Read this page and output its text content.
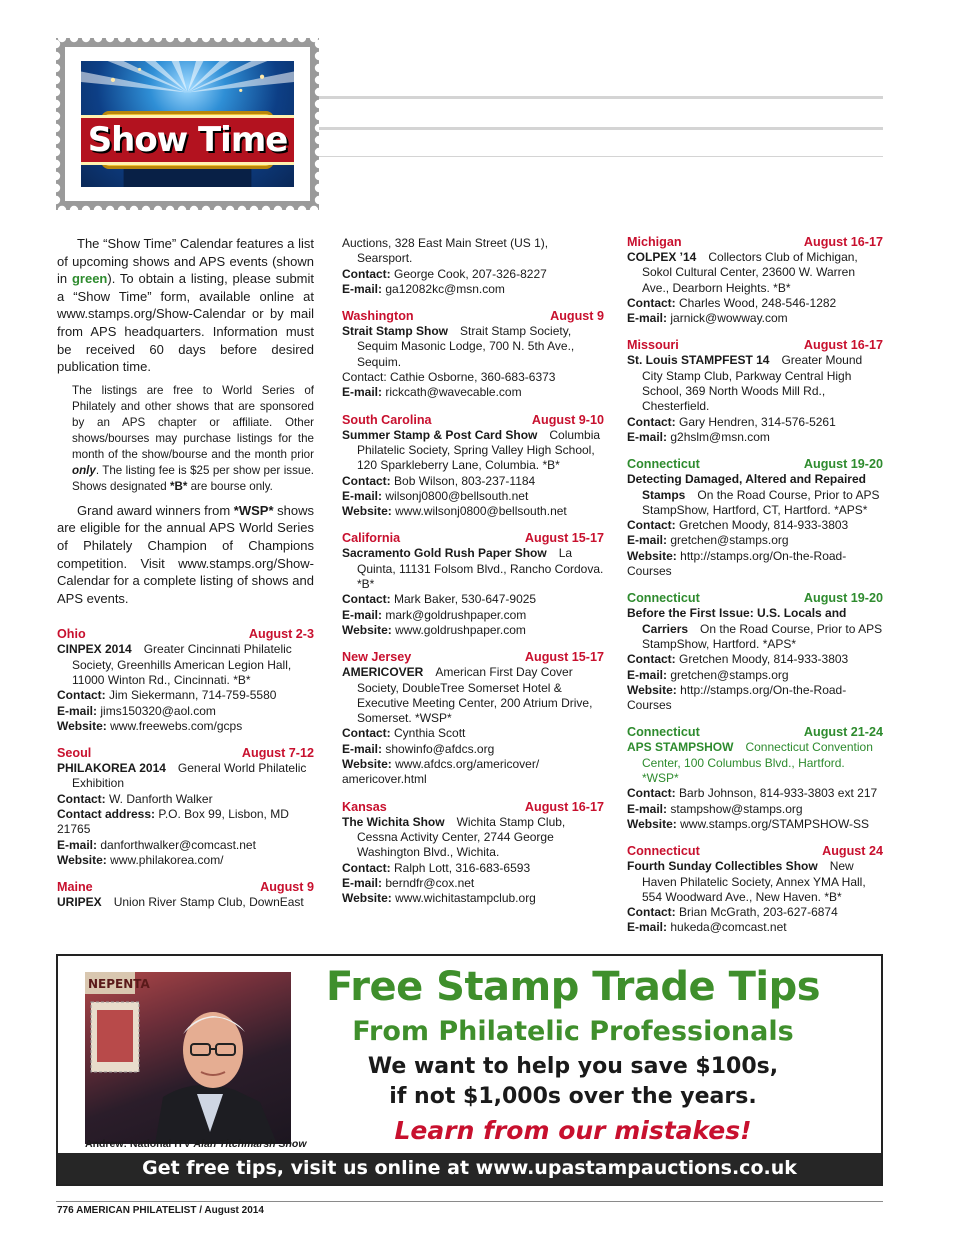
Show Time

The “Show Time” Calendar features a list of upcoming shows and APS events (shown in green). To obtain a listing, please submit a “Show Time” form, available online at www.stamps.org/Show-Calendar or by mail from APS headquarters. Information must be received 60 days before desired publication time.

The listings are free to World Series of Philately and other shows that are sponsored by an APS chapter or affiliate. Other shows/bourses may purchase listings for the month of the show/bourse and the month prior only. The listing fee is $25 per show per issue. Shows designated *B* are bourse only.

Grand award winners from *WSP* shows are eligible for the annual APS World Series of Philately Champion of Champions competition. Visit www.stamps.org/Show-Calendar for a complete listing of shows and APS events.

Ohio	August 2-3
CINPEX 2014   Greater Cincinnati Philatelic Society, Greenhills American Legion Hall, 11000 Winton Rd., Cincinnati. *B*
Contact: Jim Siekermann, 714-759-5580
E-mail: jims150320@aol.com
Website: www.freewebs.com/gcps
Seoul	August 7-12
PHILAKOREA 2014   General World Philatelic Exhibition
Contact: W. Danforth Walker
Contact address: P.O. Box 99, Lisbon, MD 21765
E-mail: danforthwalker@comcast.net
Website: www.philakorea.com/
Maine	August 9
URIPEX   Union River Stamp Club, DownEast
Auctions, 328 East Main Street (US 1), Searsport.
Contact: George Cook, 207-326-8227
E-mail: ga12082kc@msn.com
Washington	August 9
Strait Stamp Show   Strait Stamp Society, Sequim Masonic Lodge, 700 N. 5th Ave., Sequim.
Contact: Cathie Osborne, 360-683-6373
E-mail: rickcath@wavecable.com
South Carolina	August 9-10
Summer Stamp & Post Card Show   Columbia Philatelic Society, Spring Valley High School, 120 Sparkleberry Lane, Columbia. *B*
Contact: Bob Wilson, 803-237-1184
E-mail: wilsonj0800@bellsouth.net
Website: www.wilsonj0800@bellsouth.net
California	August 15-17
Sacramento Gold Rush Paper Show   La Quinta, 11131 Folsom Blvd., Rancho Cordova. *B*
Contact: Mark Baker, 530-647-9025
E-mail: mark@goldrushpaper.com
Website: www.goldrushpaper.com
New Jersey	August 15-17
AMERICOVER   American First Day Cover Society, DoubleTree Somerset Hotel & Executive Meeting Center, 200 Atrium Drive, Somerset. *WSP*
Contact: Cynthia Scott
E-mail: showinfo@afdcs.org
Website: www.afdcs.org/americover/ americover.html
Kansas	August 16-17
The Wichita Show   Wichita Stamp Club, Cessna Activity Center, 2744 George Washington Blvd., Wichita.
Contact: Ralph Lott, 316-683-6593
E-mail: berndfr@cox.net
Website: www.wichitastampclub.org
Michigan	August 16-17
COLPEX ’14   Collectors Club of Michigan, Sokol Cultural Center, 23600 W. Warren Ave., Dearborn Heights. *B*
Contact: Charles Wood, 248-546-1282
E-mail: jarnick@wowway.com
Missouri	August 16-17
St. Louis STAMPFEST 14   Greater Mound City Stamp Club, Parkway Central High School, 369 North Woods Mill Rd., Chesterfield.
Contact: Gary Hendren, 314-576-5261
E-mail: g2hslm@msn.com
Connecticut	August 19-20
Detecting Damaged, Altered and Repaired Stamps   On the Road Course, Prior to APS StampShow, Hartford, CT, Hartford. *APS*
Contact: Gretchen Moody, 814-933-3803
E-mail: gretchen@stamps.org
Website: http://stamps.org/On-the-Road-Courses
Connecticut	August 19-20
Before the First Issue: U.S. Locals and Carriers   On the Road Course, Prior to APS StampShow, Hartford. *APS*
Contact: Gretchen Moody, 814-933-3803
E-mail: gretchen@stamps.org
Website: http://stamps.org/On-the-Road-Courses
Connecticut	August 21-24
APS STAMPSHOW   Connecticut Convention Center, 100 Columbus Blvd., Hartford. *WSP*
Contact: Barb Johnson, 814-933-3803 ext 217
E-mail: stampshow@stamps.org
Website: www.stamps.org/STAMPSHOW-SS
Connecticut	August 24
Fourth Sunday Collectibles Show   New Haven Philatelic Society, Annex YMA Hall, 554 Woodward Ave., New Haven. *B*
Contact: Brian McGrath, 203-627-6874
E-mail: hukeda@comcast.net
NEPENTA
Andrew: National ITV Alan Titchmarsh Show
Free Stamp Trade Tips
From Philatelic Professionals
We want to help you save $100s,
if not $1,000s over the years.
Learn from our mistakes!
Get free tips, visit us online at www.upastampauctions.co.uk
776 AMERICAN PHILATELIST / August 2014
